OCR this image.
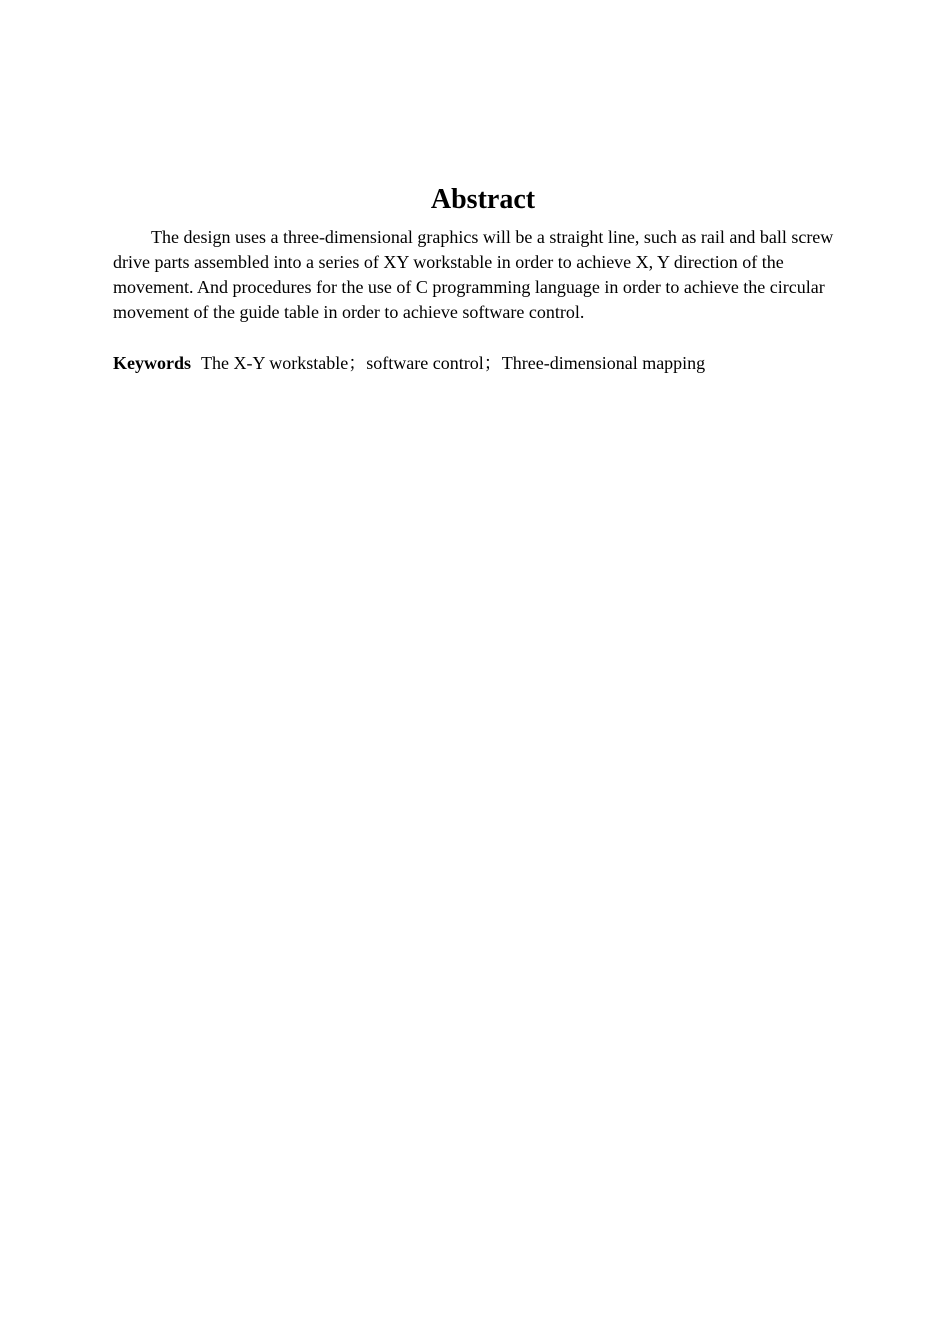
Abstract

The design uses a three-dimensional graphics will be a straight line, such as rail and ball screw drive parts assembled into a series of XY workstable in order to achieve X, Y direction of the movement. And procedures for the use of C programming language in order to achieve the circular movement of the guide table in order to achieve software control.

Keywords The X-Y workstable；software control；Three-dimensional mapping
